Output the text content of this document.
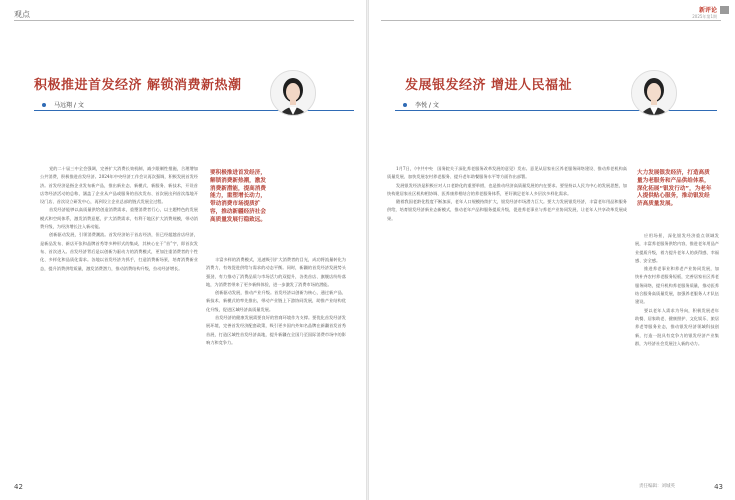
观点
积极推进首发经济 解锁消费新热潮
马远翔 / 文

党的二十届三中全会强调，完善扩大消费长效机制，减少限制性措施，合理增加公共消费，积极推进首发经济。2024年中央经济工作会议再次强调，积极发展首发经济。首发经济是指企业发布新产品，推出新业态、新模式、新服务、新技术，开设首店等经济活动的总称，涵盖了企业从产品或服务的首次发布、首次展出到首次落地开设门店、首次设立研发中心，再到设立企业总部的链式发展全过程。

首发经济能够以高质量供给创造消费需求，重塑消费者行心，以主题特色的发展模式和空间体系，激发消费意愿，扩大消费需求，有利于地区扩大消费规模，带动消费升级，为经济增长注入新动能。

创新驱动发展，引领消费潮流。首发经济始于首店经济，但已经超越首店经济，是新品发布、新店开张和品牌首秀等多种形式的集成，其核心在于“首”字，即首次发布、首次进入。首发经济背后是以创新为驱动力的消费模式，更加注重消费者的个性化、多样化和品质化需求。各地以首发经济为抓手，打造消费新场景，培育消费新业态，提升消费供给质量，激发消费潜力，推动消费结构升级，拉动经济增长。

要积极推进首发经济，解锁消费新热潮，激发消费新潜能，提高消费能力，重塑增长动力，带动消费市场提质扩容，推动新疆经济社会高质量发展行稳致远。

丰富多样的消费模式，迅速吸引扩大消费者的目光，成功将流量转化为消费力，有效促进供给与需求的动态平衡。同时，新疆的首发经济发展势头强劲，有力推动了消费品质与市场活力的双提升，各类首店、旗舰店纷纷落地，为消费者带来了更多新鲜体验，进一步激发了消费市场的潜能。

创新驱动发展，推动产业升级。首发经济以创新为核心，通过新产品、新技术、新模式的率先推出，带动产业链上下游协同发展，助推产业结构优化升级，促进区域经济高质量发展。

首发经济的健康发展需要良好的营商环境作为支撑。要优化首发经济发展环境，完善首发经济配套政策，吸引更多国内外知名品牌在新疆首发首秀首展，打造区域性首发经济高地，提升新疆在全国乃至国际消费市场中的影响力和竞争力。

42
新评论
2025年第1期
发展银发经济 增进人民福祉
李悦 / 文
大力发展银发经济，打造高质量为老服务和产品供给体系，深化拓展“银发行动”，为老年人提供贴心服务，推动银发经济高质量发展。

1月7日，《中共中央　国务院关于深化养老服务改革发展的意见》发布。意见从居家社区养老服务网络建设、推动养老机构高质量发展、加快发展农村养老服务、提升老年助餐服务水平等方面作出部署。

发展银发经济是积极应对人口老龄化的重要举措，也是推动经济高质量发展的内在要求。要坚持以人民为中心的发展思想，加快构建居家社区机构相协调、医养康养相结合的养老服务体系，更好满足老年人多层次多样化需求。

随着我国老龄化程度不断加深，老年人口规模持续扩大，银发经济市场潜力巨大。要大力发展银发经济，丰富老年用品和服务供给，培育银发经济新业态新模式，推动老年产品和服务提质升级，促进养老事业与养老产业协同发展，让老年人共享改革发展成果。

应用场景，深化银发经济重点领域发展，丰富养老服务供给内容，推进老年用品产业提质升级，着力提升老年人的获得感、幸福感、安全感。

推进养老事业和养老产业协同发展，加快补齐农村养老服务短板，完善居家社区养老服务网络，提升机构养老服务质量，推动医养结合服务高质量发展，加强养老服务人才队伍建设。

要以老年人需求为导向，积极发展老年助餐、居家助老、健康照护、文化娱乐、旅居养老等服务业态，推动银发经济领域科技创新，打造一批具有竞争力的银发经济产业集群，为经济社会发展注入新的动力。

责任编辑：刘城英	43
